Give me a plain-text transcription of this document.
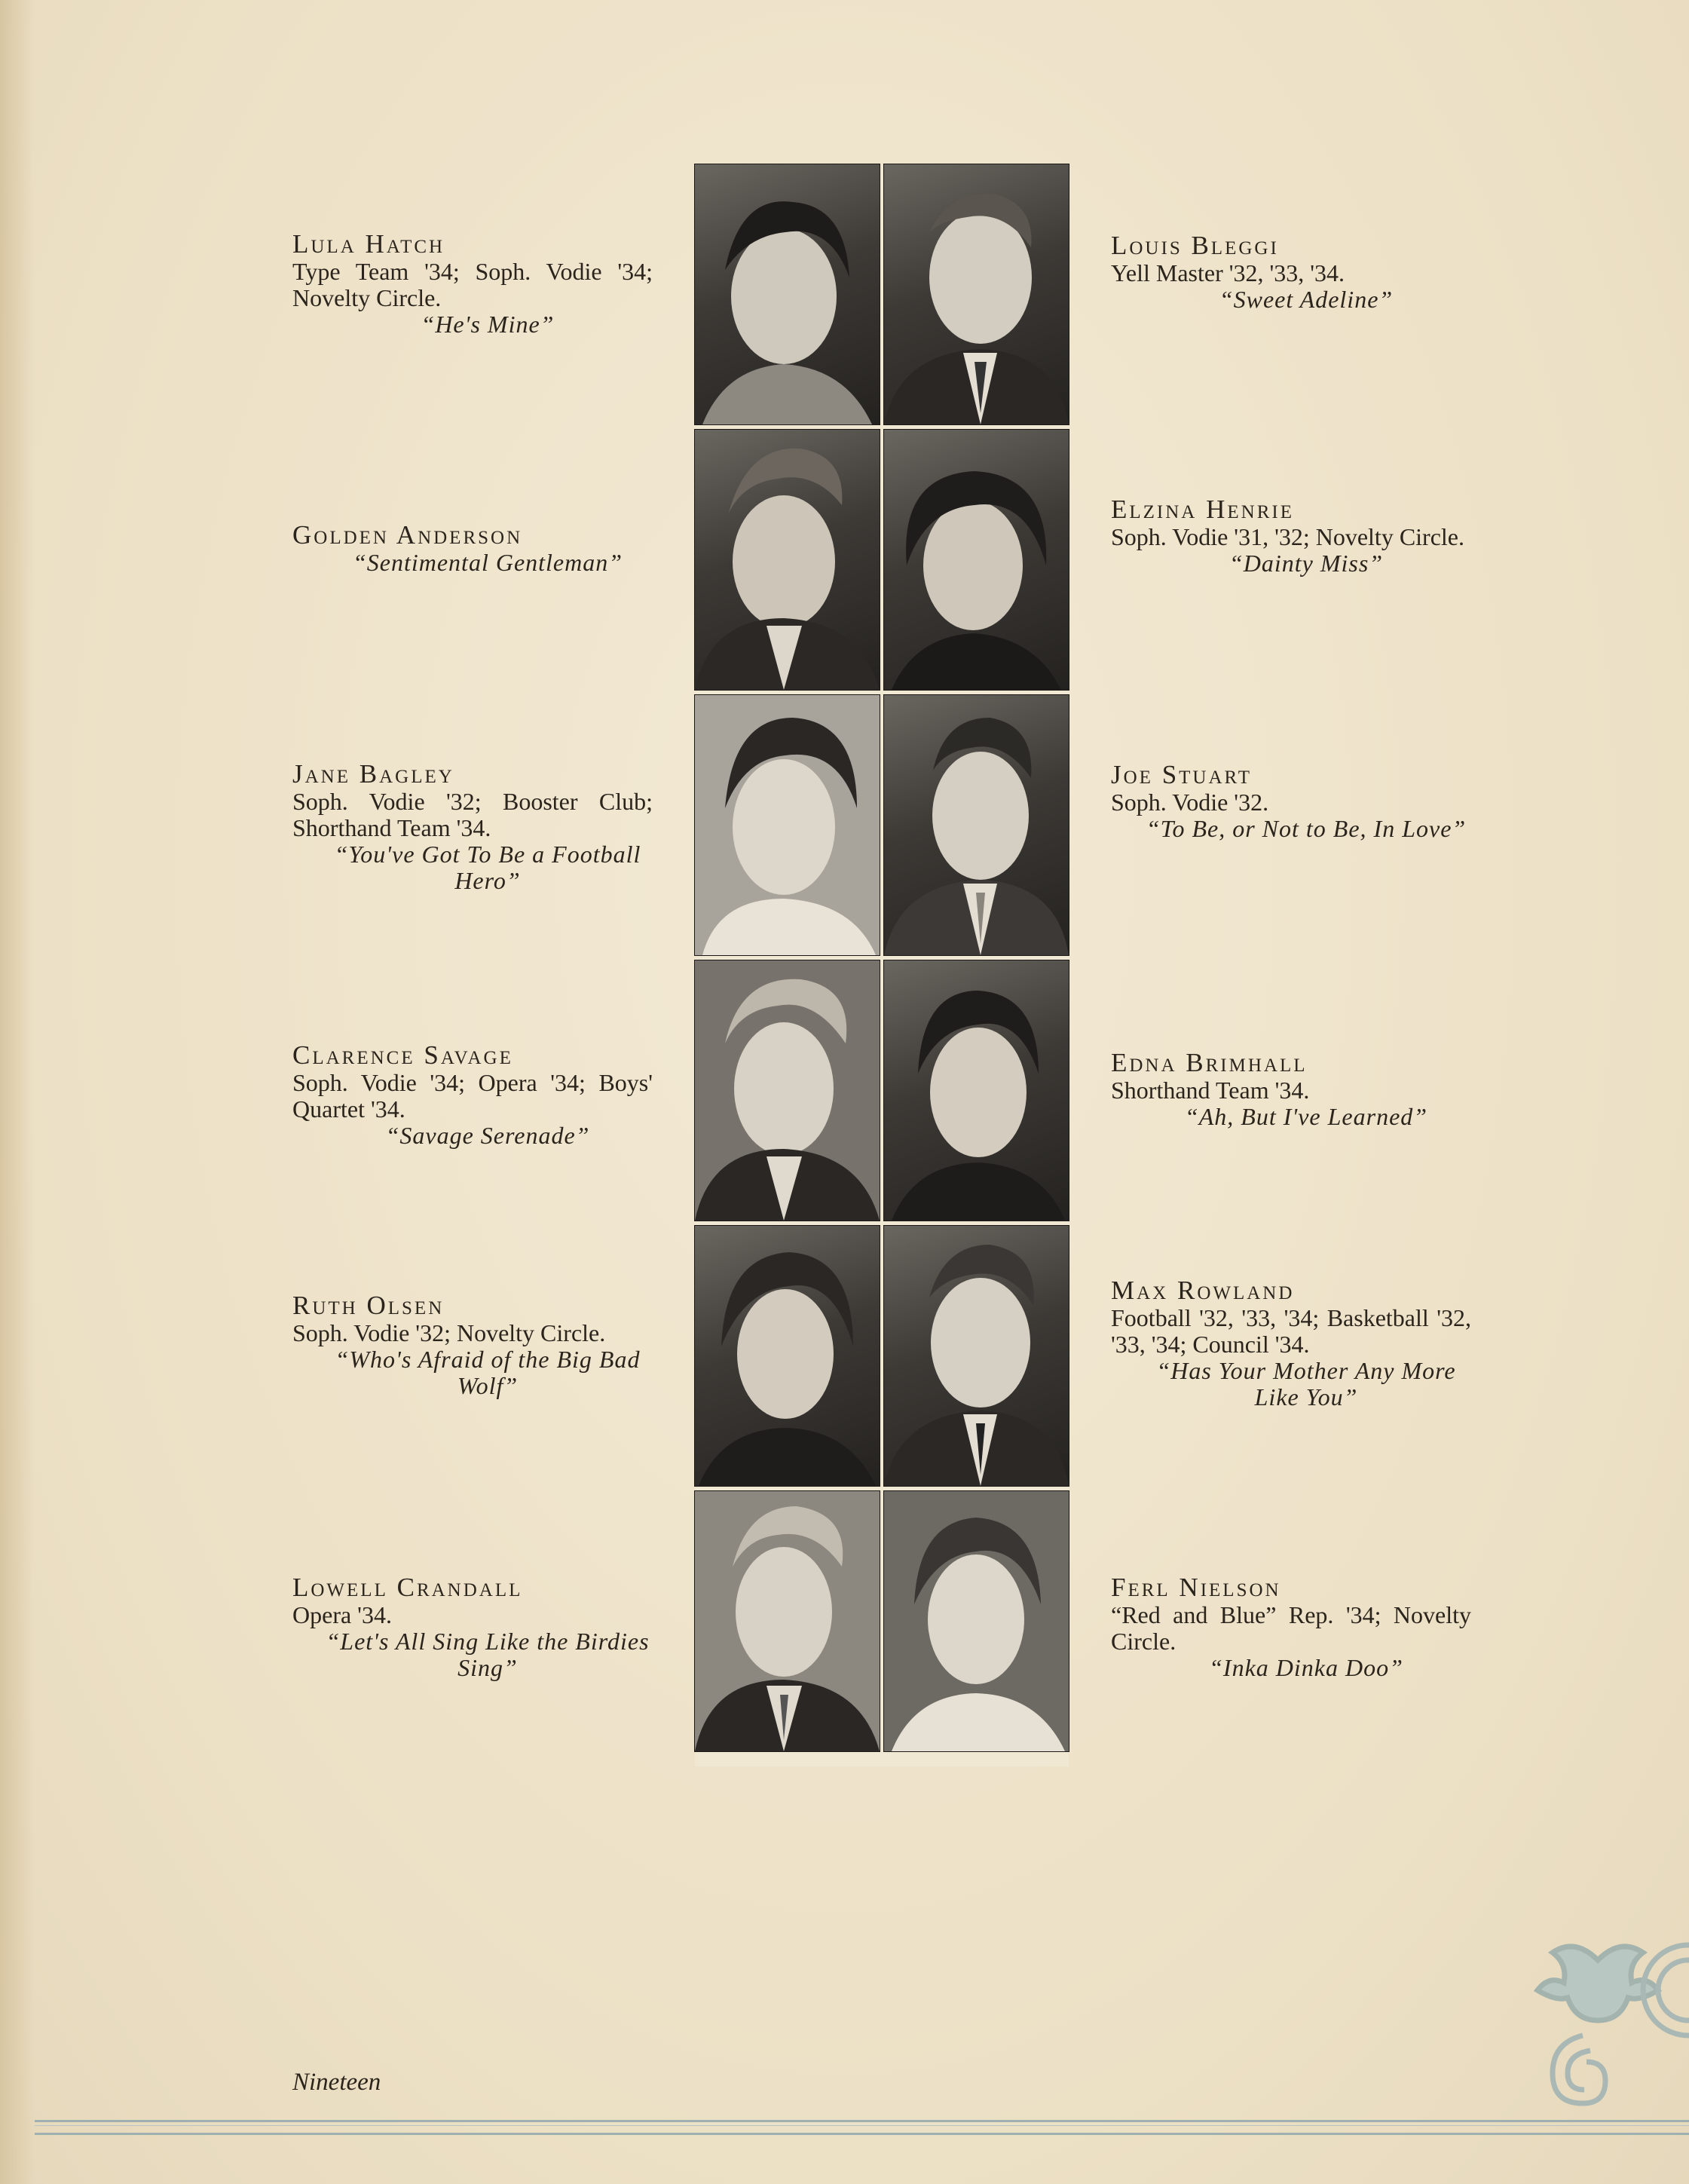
Lula Hatch
Type Team '34; Soph. Vodie '34; Novelty Circle.
“He's Mine”
Golden Anderson
“Sentimental Gentleman”
Jane Bagley
Soph. Vodie '32; Booster Club; Shorthand Team '34.
“You've Got To Be a Football Hero”
Clarence Savage
Soph. Vodie '34; Opera '34; Boys' Quartet '34.
“Savage Serenade”
Ruth Olsen
Soph. Vodie '32; Novelty Circle.
“Who's Afraid of the Big Bad Wolf”
Lowell Crandall
Opera '34.
“Let's All Sing Like the Birdies Sing”
Louis Bleggi
Yell Master '32, '33, '34.
“Sweet Adeline”
Elzina Henrie
Soph. Vodie '31, '32; Novelty Circle.
“Dainty Miss”
Joe Stuart
Soph. Vodie '32.
“To Be, or Not to Be, In Love”
Edna Brimhall
Shorthand Team '34.
“Ah, But I've Learned”
Max Rowland
Football '32, '33, '34; Basketball '32, '33, '34; Council '34.
“Has Your Mother Any More Like You”
Ferl Nielson
“Red and Blue” Rep. '34; Novelty Circle.
“Inka Dinka Doo”
Nineteen
